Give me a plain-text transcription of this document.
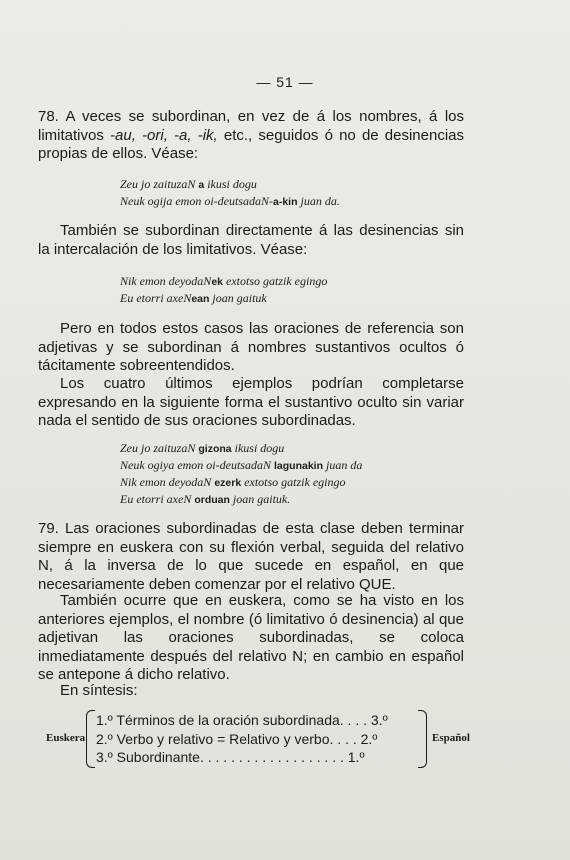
— 51 —
78. A veces se subordinan, en vez de á los nombres, á los limitativos -au, -ori, -a, -ik, etc., seguidos ó no de desinencias propias de ellos. Véase:
Zeu jo zaituzaN a ikusi dogu
Neuk ogija emon oi-deutsadaN-a-kin juan da.
También se subordinan directamente á las desinencias sin la intercalación de los limitativos. Véase:
Nik emon deyodaNek extotso gatzik egingo
Eu etorri axeNean joan gaituk
Pero en todos estos casos las oraciones de referencia son adjetivas y se subordinan á nombres sustantivos ocultos ó tácitamente sobreentendidos.
Los cuatro últimos ejemplos podrían completarse expresando en la siguiente forma el sustantivo oculto sin variar nada el sentido de sus oraciones subordinadas.
Zeu jo zaituzaN gizona ikusi dogu
Neuk ogiya emon oi-deutsadaN lagunakin juan da
Nik emon deyodaN ezerk extotso gatzik egingo
Eu etorri axeN orduan joan gaituk.
79. Las oraciones subordinadas de esta clase deben terminar siempre en euskera con su flexión verbal, seguida del relativo N, á la inversa de lo que sucede en español, en que necesariamente deben comenzar por el relativo QUE.
También ocurre que en euskera, como se ha visto en los anteriores ejemplos, el nombre (ó limitativo ó desinencia) al que adjetivan las oraciones subordinadas, se coloca inmediatamente después del relativo N; en cambio en español se antepone á dicho relativo.
En síntesis:
Euskera
1.º Términos de la oración subordinada. . . . 3.º
2.º Verbo y relativo = Relativo y verbo. . . . 2.º
3.º Subordinante. . . . . . . . . . . . . . . . . . . 1.º
Español
